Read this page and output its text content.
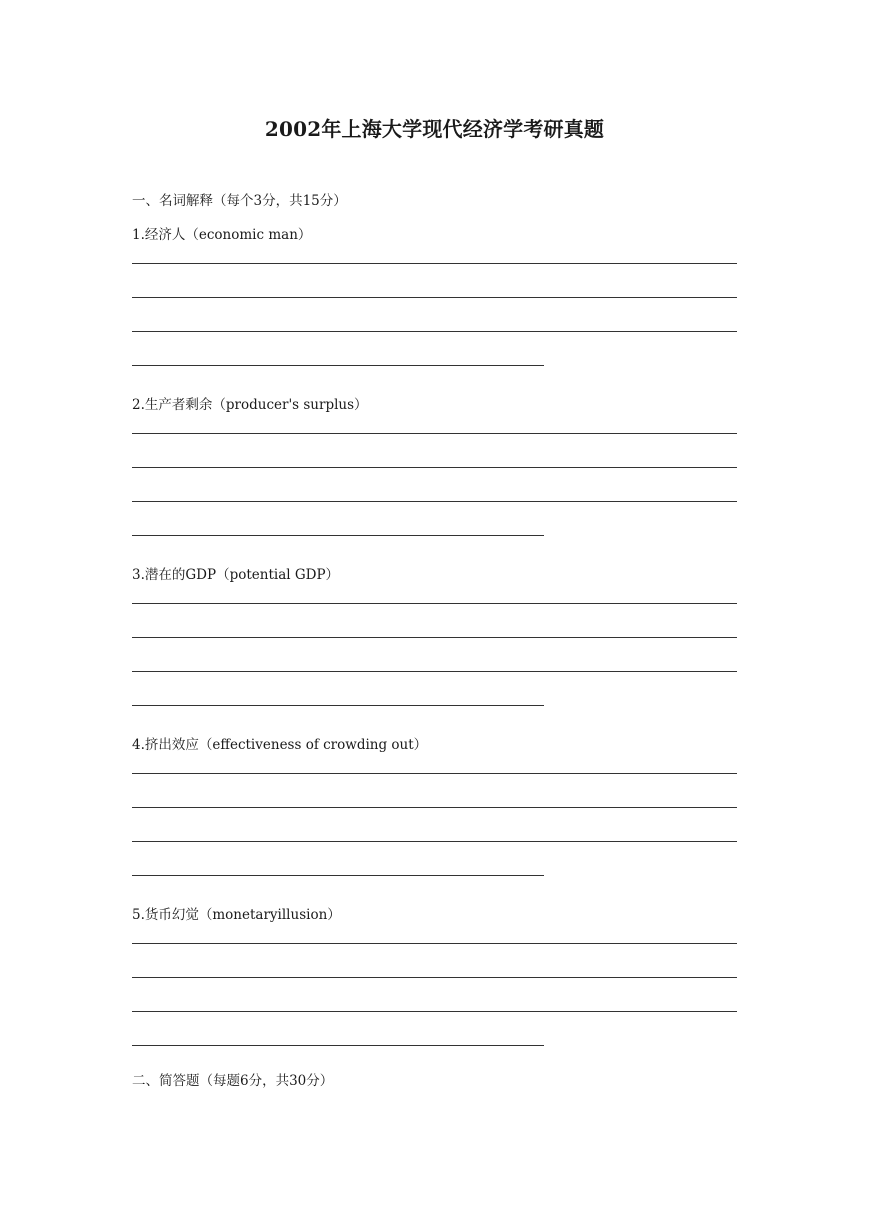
2002年上海大学现代经济学考研真题
一、名词解释（每个3分，共15分）
1.经济人（economic man）
2.生产者剩余（producer's surplus）
3.潜在的GDP（potential GDP）
4.挤出效应（effectiveness of crowding out）
5.货币幻觉（monetaryillusion）
二、简答题（每题6分，共30分）
